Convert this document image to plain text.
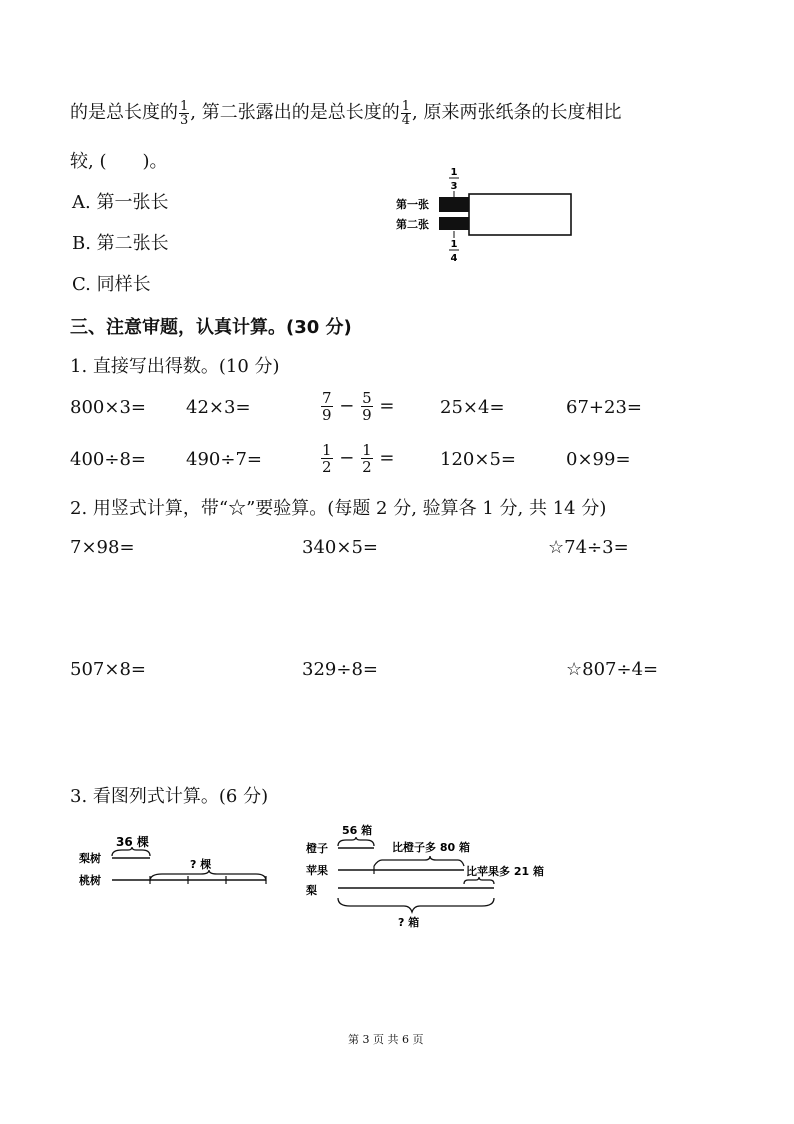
的是总长度的 $\frac{1}{3}$ , 第二张露出的是总长度的 $\frac{1}{4}$ , 原来两张纸条的长度相比
较, (　　)。
A. 第一张长
B. 第二张长
C. 同样长
1
3
第一张
第二张
1
4
三、注意审题，认真计算。(30 分)
1. 直接写出得数。(10 分)
800×3= 42×3=	$\frac{7}{9} - \frac{5}{9}$ =	25×4=	67+23=
400÷8= 490÷7=	$\frac{1}{2} - \frac{1}{2}$ =	120×5=	0×99=
2. 用竖式计算，带“☆”要验算。(每题 2 分, 验算各 1 分, 共 14 分)
7×98=	340×5=	☆74÷3=
507×8=	329÷8=	☆807÷4=
3. 看图列式计算。(6 分)
36 棵
梨树	? 棵
桃树
56 箱
橙子	比橙子多 80 箱
苹果	比苹果多 21 箱
梨
? 箱
第 3 页 共 6 页
